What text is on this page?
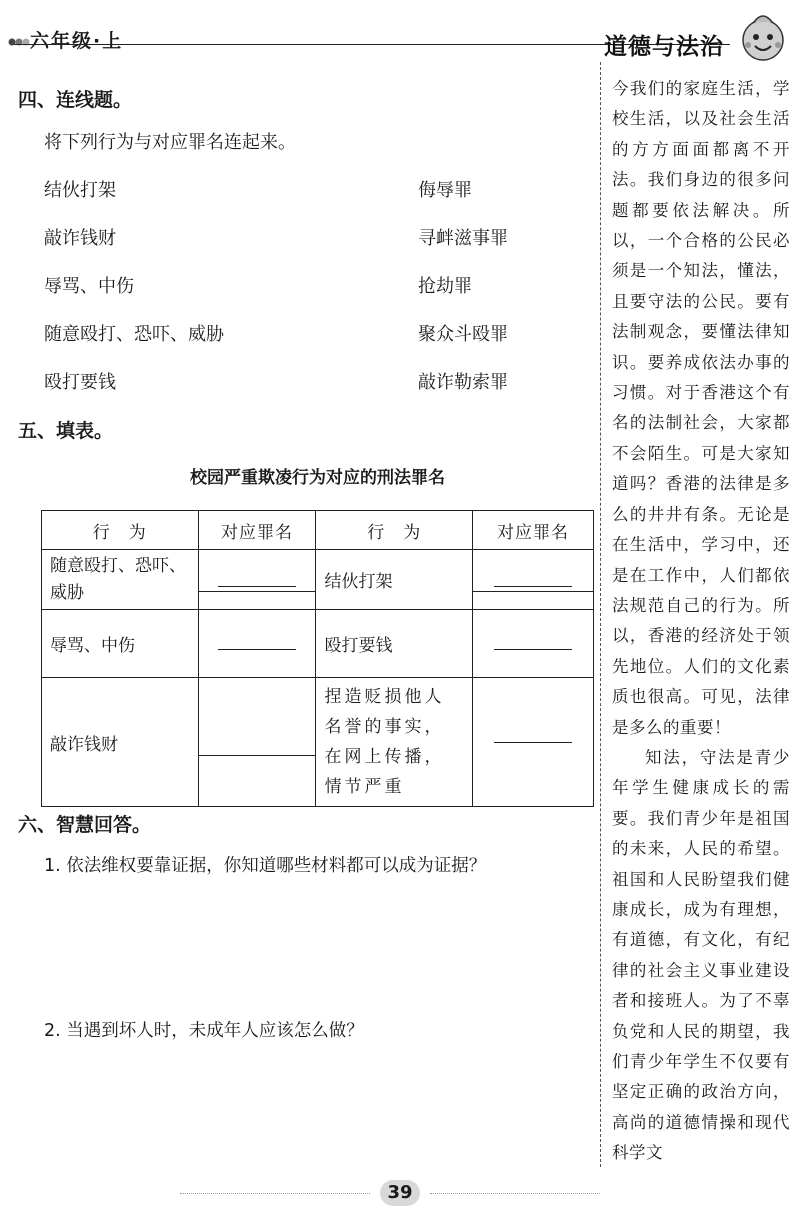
六年级·上	道德与法治
四、连线题。
将下列行为与对应罪名连起来。
结伙打架
敲诈钱财
辱骂、中伤
随意殴打、恐吓、威胁
殴打要钱
侮辱罪
寻衅滋事罪
抢劫罪
聚众斗殴罪
敲诈勒索罪
五、填表。
校园严重欺凌行为对应的刑法罪名
行　为	对应罪名	行　为	对应罪名
随意殴打、恐吓、威胁		结伙打架	

辱骂、中伤		殴打要钱	

敲诈钱财		捏造贬损他人名誉的事实，在网上传播，情节严重	

六、智慧回答。
1. 依法维权要靠证据，你知道哪些材料都可以成为证据？
2. 当遇到坏人时，未成年人应该怎么做？

今我们的家庭生活，学校生活，以及社会生活的方方面面都离不开法。我们身边的很多问题都要依法解决。所以，一个合格的公民必须是一个知法，懂法，且要守法的公民。要有法制观念，要懂法律知识。要养成依法办事的习惯。对于香港这个有名的法制社会，大家都不会陌生。可是大家知道吗？香港的法律是多么的井井有条。无论是在生活中，学习中，还是在工作中，人们都依法规范自己的行为。所以，香港的经济处于领先地位。人们的文化素质也很高。可见，法律是多么的重要！

知法，守法是青少年学生健康成长的需要。我们青少年是祖国的未来，人民的希望。祖国和人民盼望我们健康成长，成为有理想，有道德，有文化，有纪律的社会主义事业建设者和接班人。为了不辜负党和人民的期望，我们青少年学生不仅要有坚定正确的政治方向，高尚的道德情操和现代科学文

39
